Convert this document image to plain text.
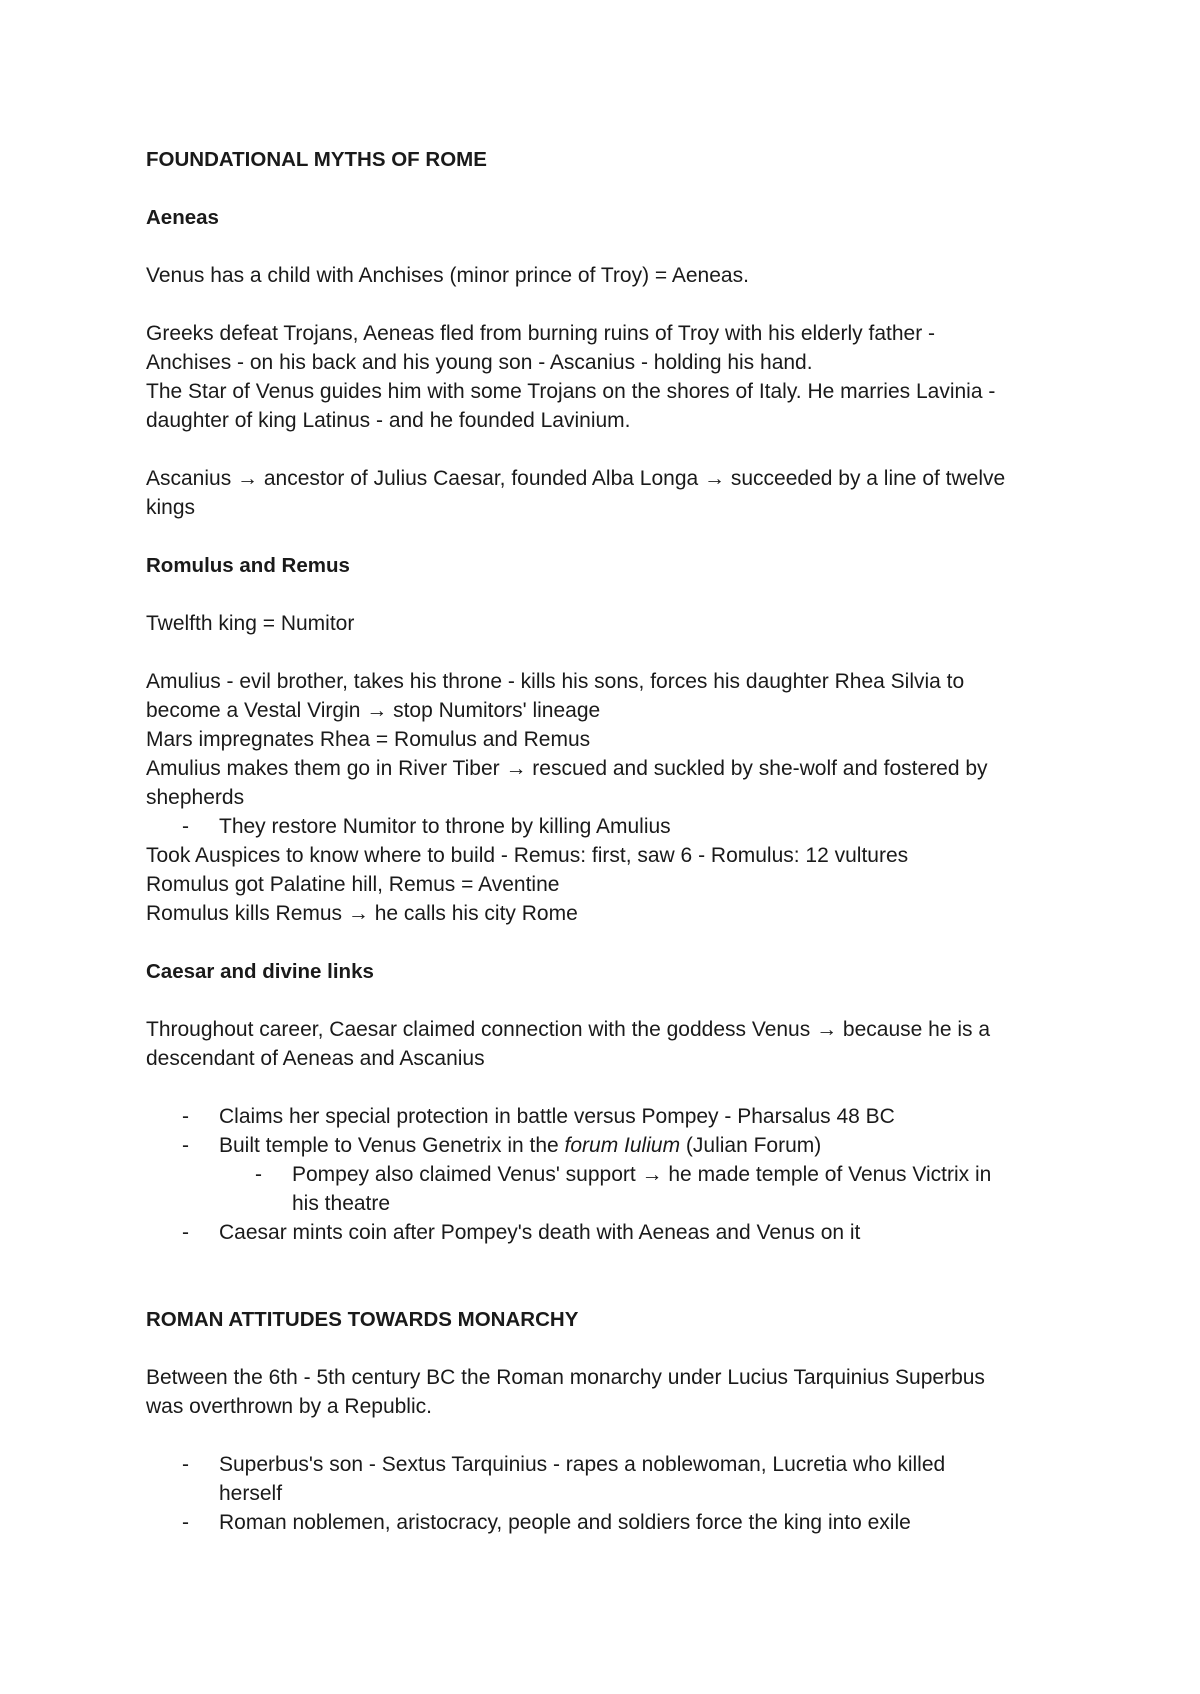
FOUNDATIONAL MYTHS OF ROME

Aeneas

Venus has a child with Anchises (minor prince of Troy) = Aeneas.

Greeks defeat Trojans, Aeneas fled from burning ruins of Troy with his elderly father -

Anchises - on his back and his young son - Ascanius - holding his hand.

The Star of Venus guides him with some Trojans on the shores of Italy. He marries Lavinia -

daughter of king Latinus - and he founded Lavinium.

Ascanius → ancestor of Julius Caesar, founded Alba Longa → succeeded by a line of twelve

kings

Romulus and Remus

Twelfth king = Numitor

Amulius - evil brother, takes his throne - kills his sons, forces his daughter Rhea Silvia to

become a Vestal Virgin → stop Numitors' lineage

Mars impregnates Rhea = Romulus and Remus

Amulius makes them go in River Tiber → rescued and suckled by she-wolf and fostered by

shepherds

- They restore Numitor to throne by killing Amulius

Took Auspices to know where to build - Remus: first, saw 6 - Romulus: 12 vultures

Romulus got Palatine hill, Remus = Aventine

Romulus kills Remus → he calls his city Rome

Caesar and divine links

Throughout career, Caesar claimed connection with the goddess Venus → because he is a

descendant of Aeneas and Ascanius

- Claims her special protection in battle versus Pompey - Pharsalus 48 BC
- Built temple to Venus Genetrix in the forum Iulium (Julian Forum)
- Pompey also claimed Venus' support → he made temple of Venus Victrix in
his theatre
- Caesar mints coin after Pompey's death with Aeneas and Venus on it

ROMAN ATTITUDES TOWARDS MONARCHY

Between the 6th - 5th century BC the Roman monarchy under Lucius Tarquinius Superbus

was overthrown by a Republic.

- Superbus's son - Sextus Tarquinius - rapes a noblewoman, Lucretia who killed
herself
- Roman noblemen, aristocracy, people and soldiers force the king into exile
